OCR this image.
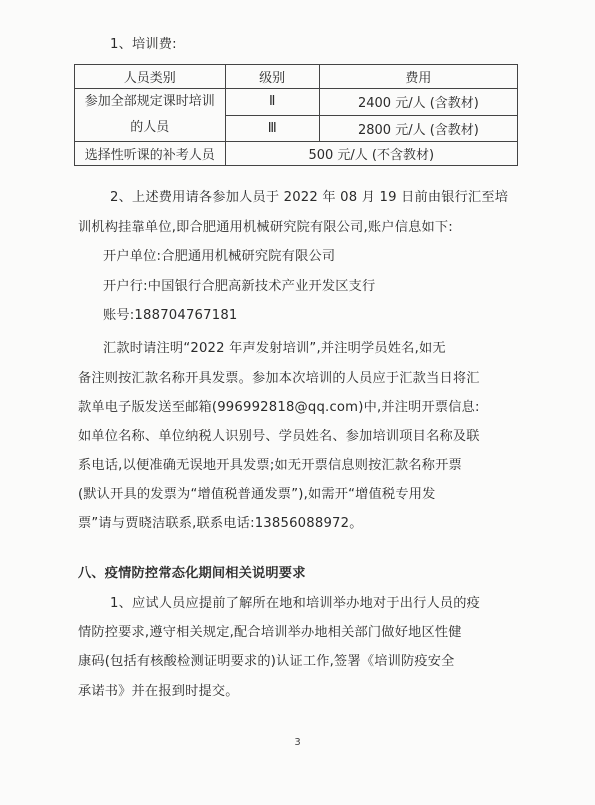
1、培训费:
人员类别	级别	费用

参加全部规定课时培训
的人员	Ⅱ	2400 元/人 (含教材)
	Ⅲ	2800 元/人 (含教材)
选择性听课的补考人员	500 元/人 (不含教材)	
2、上述费用请各参加人员于 2022 年 08 月 19 日前由银行汇至培
训机构挂靠单位,即合肥通用机械研究院有限公司,账户信息如下:
开户单位:合肥通用机械研究院有限公司
开户行:中国银行合肥高新技术产业开发区支行
账号:188704767181
汇款时请注明“2022 年声发射培训”,并注明学员姓名,如无
备注则按汇款名称开具发票。参加本次培训的人员应于汇款当日将汇
款单电子版发送至邮箱(996992818@qq.com)中,并注明开票信息:
如单位名称、单位纳税人识别号、学员姓名、参加培训项目名称及联
系电话,以便准确无误地开具发票;如无开票信息则按汇款名称开票
(默认开具的发票为“增值税普通发票”),如需开“增值税专用发
票”请与贾晓洁联系,联系电话:13856088972。
八、疫情防控常态化期间相关说明要求
1、应试人员应提前了解所在地和培训举办地对于出行人员的疫
情防控要求,遵守相关规定,配合培训举办地相关部门做好地区性健
康码(包括有核酸检测证明要求的)认证工作,签署《培训防疫安全
承诺书》并在报到时提交。
3
